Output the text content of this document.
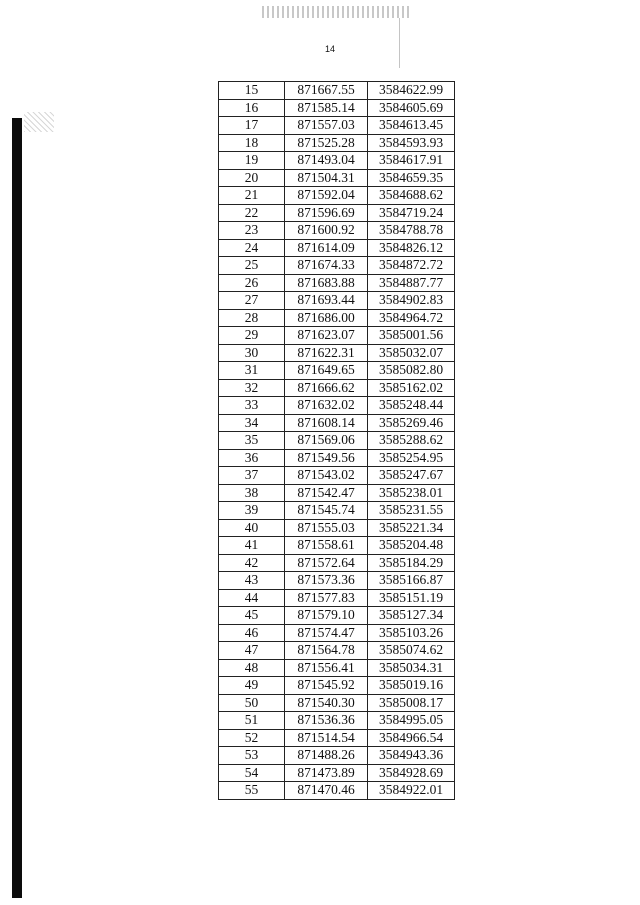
14
15	871667.55	3584622.99
16	871585.14	3584605.69
17	871557.03	3584613.45
18	871525.28	3584593.93
19	871493.04	3584617.91
20	871504.31	3584659.35
21	871592.04	3584688.62
22	871596.69	3584719.24
23	871600.92	3584788.78
24	871614.09	3584826.12
25	871674.33	3584872.72
26	871683.88	3584887.77
27	871693.44	3584902.83
28	871686.00	3584964.72
29	871623.07	3585001.56
30	871622.31	3585032.07
31	871649.65	3585082.80
32	871666.62	3585162.02
33	871632.02	3585248.44
34	871608.14	3585269.46
35	871569.06	3585288.62
36	871549.56	3585254.95
37	871543.02	3585247.67
38	871542.47	3585238.01
39	871545.74	3585231.55
40	871555.03	3585221.34
41	871558.61	3585204.48
42	871572.64	3585184.29
43	871573.36	3585166.87
44	871577.83	3585151.19
45	871579.10	3585127.34
46	871574.47	3585103.26
47	871564.78	3585074.62
48	871556.41	3585034.31
49	871545.92	3585019.16
50	871540.30	3585008.17
51	871536.36	3584995.05
52	871514.54	3584966.54
53	871488.26	3584943.36
54	871473.89	3584928.69
55	871470.46	3584922.01
